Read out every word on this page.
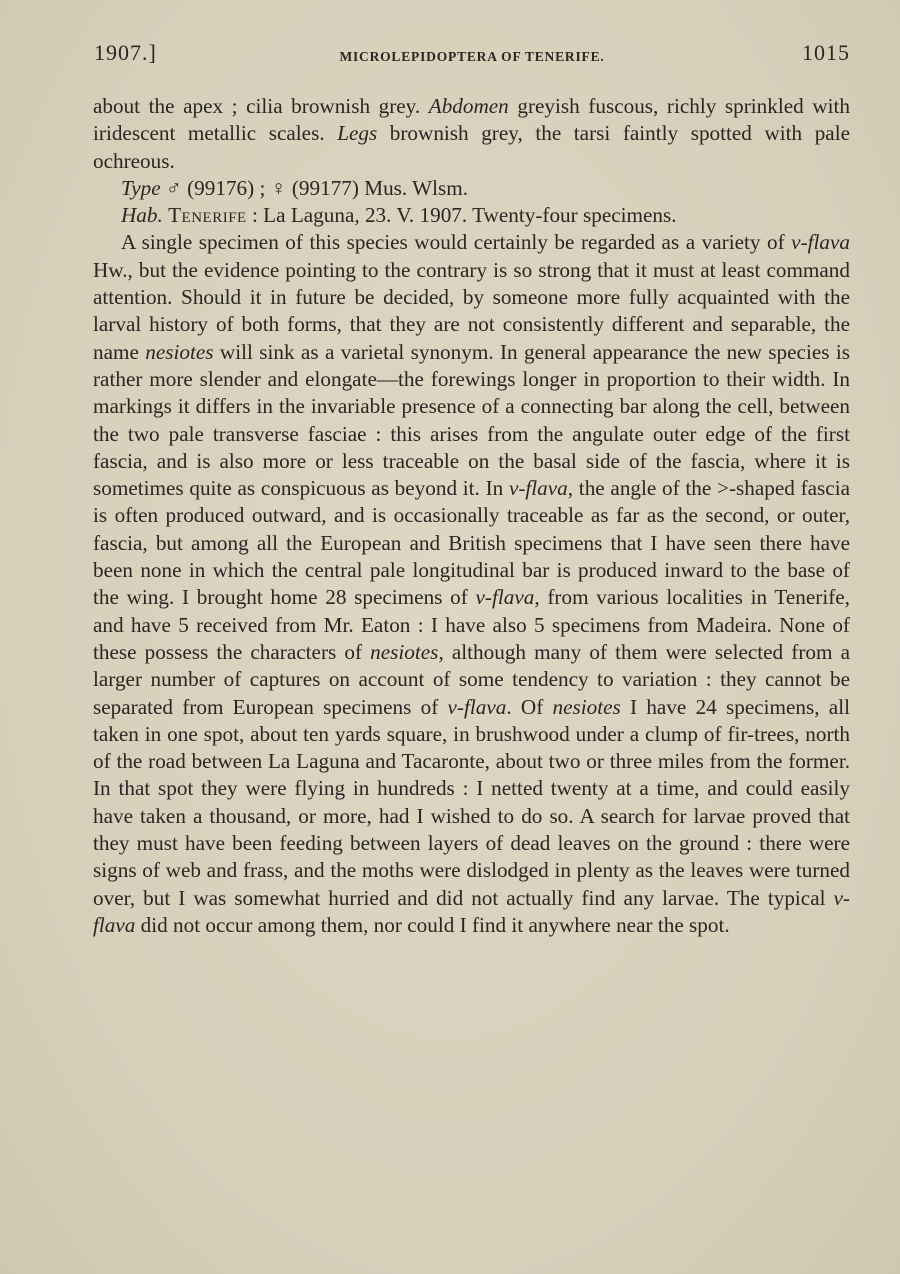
1907.]	MICROLEPIDOPTERA OF TENERIFE.	1015

about the apex ; cilia brownish grey. Abdomen greyish fuscous, richly sprinkled with iridescent metallic scales. Legs brownish grey, the tarsi faintly spotted with pale ochreous.

Type ♂ (99176) ; ♀ (99177) Mus. Wlsm.

Hab. Tenerife : La Laguna, 23. V. 1907. Twenty-four specimens.

A single specimen of this species would certainly be regarded as a variety of v-flava Hw., but the evidence pointing to the contrary is so strong that it must at least command attention. Should it in future be decided, by someone more fully acquainted with the larval history of both forms, that they are not consistently different and separable, the name nesiotes will sink as a varietal synonym. In general appearance the new species is rather more slender and elongate—the forewings longer in proportion to their width. In markings it differs in the invariable presence of a connecting bar along the cell, between the two pale transverse fasciae : this arises from the angulate outer edge of the first fascia, and is also more or less traceable on the basal side of the fascia, where it is sometimes quite as conspicuous as beyond it. In v-flava, the angle of the >-shaped fascia is often produced outward, and is occasionally traceable as far as the second, or outer, fascia, but among all the European and British specimens that I have seen there have been none in which the central pale longitudinal bar is produced inward to the base of the wing. I brought home 28 specimens of v-flava, from various localities in Tenerife, and have 5 received from Mr. Eaton : I have also 5 specimens from Madeira. None of these possess the characters of nesiotes, although many of them were selected from a larger number of captures on account of some tendency to variation : they cannot be separated from European specimens of v-flava. Of nesiotes I have 24 specimens, all taken in one spot, about ten yards square, in brushwood under a clump of fir-trees, north of the road between La Laguna and Tacaronte, about two or three miles from the former. In that spot they were flying in hundreds : I netted twenty at a time, and could easily have taken a thousand, or more, had I wished to do so. A search for larvae proved that they must have been feeding between layers of dead leaves on the ground : there were signs of web and frass, and the moths were dislodged in plenty as the leaves were turned over, but I was somewhat hurried and did not actually find any larvae. The typical v-flava did not occur among them, nor could I find it anywhere near the spot.
